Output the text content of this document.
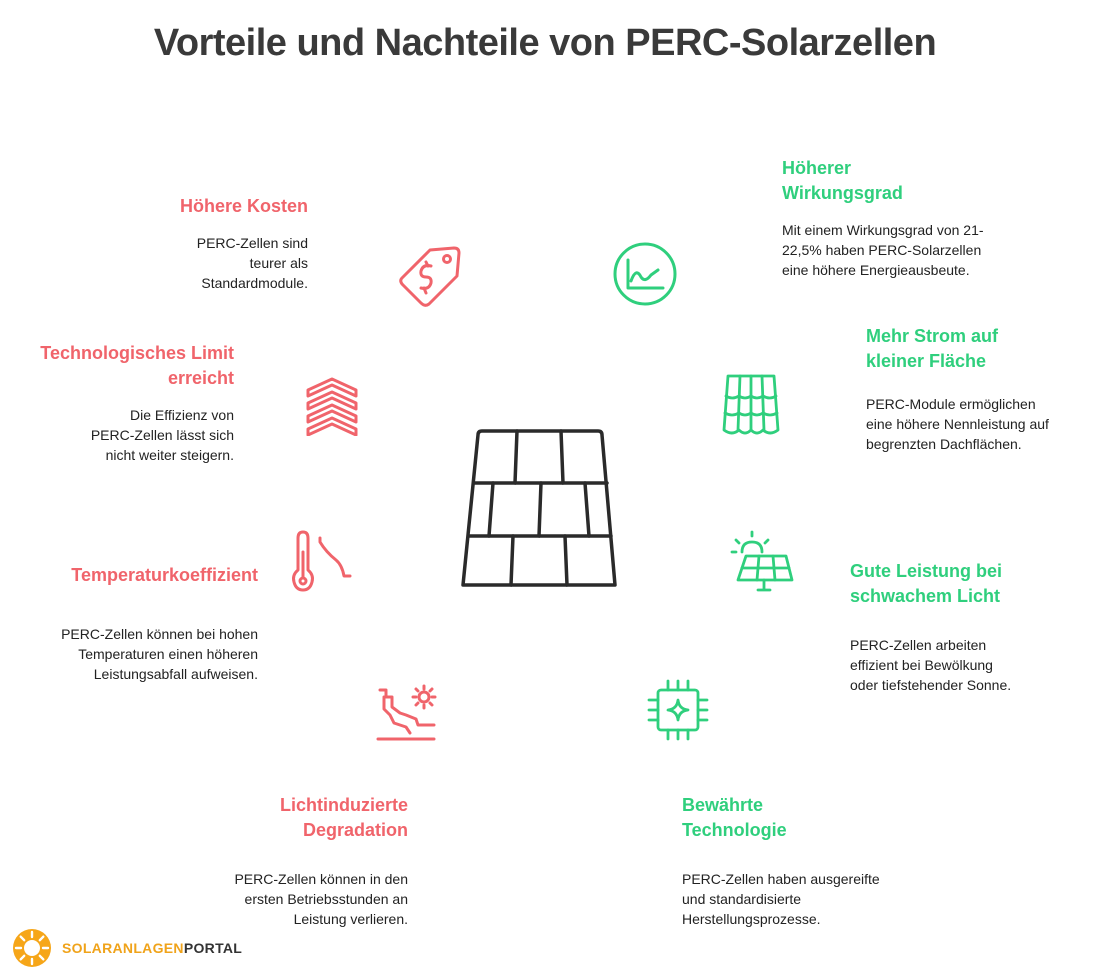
Vorteile und Nachteile von PERC-Solarzellen
Höhere Kosten

PERC-Zellen sind
teurer als
Standardmodule.

Technologisches Limit
erreicht

Die Effizienz von
PERC-Zellen lässt sich
nicht weiter steigern.

Temperaturkoeffizient

PERC-Zellen können bei hohen
Temperaturen einen höheren
Leistungsabfall aufweisen.

Lichtinduzierte
Degradation

PERC-Zellen können in den
ersten Betriebsstunden an
Leistung verlieren.

Höherer
Wirkungsgrad

Mit einem Wirkungsgrad von 21-
22,5% haben PERC-Solarzellen
eine höhere Energieausbeute.

Mehr Strom auf
kleiner Fläche

PERC-Module ermöglichen
eine höhere Nennleistung auf
begrenzten Dachflächen.

Gute Leistung bei
schwachem Licht

PERC-Zellen arbeiten
effizient bei Bewölkung
oder tiefstehender Sonne.

Bewährte
Technologie

PERC-Zellen haben ausgereifte
und standardisierte
Herstellungsprozesse.

SOLARANLAGENPORTAL
